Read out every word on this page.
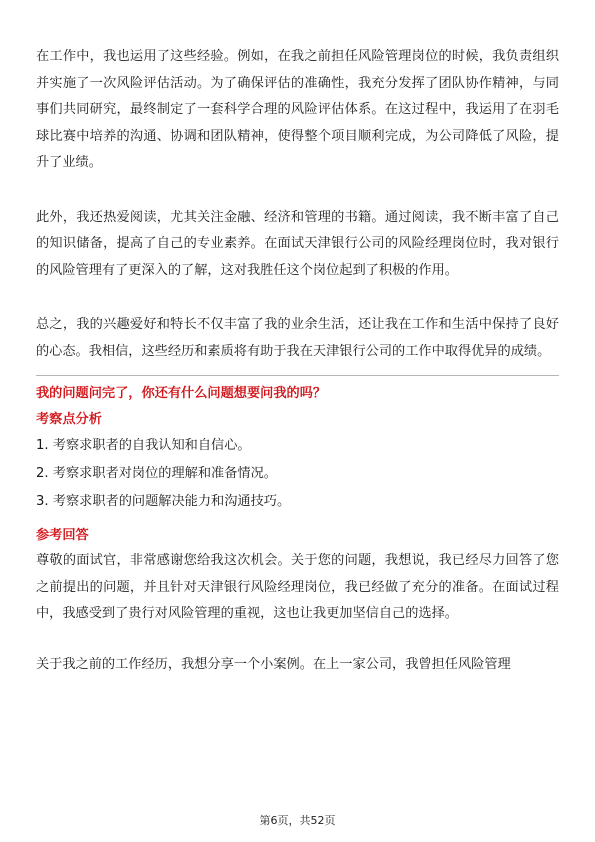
在工作中，我也运用了这些经验。例如，在我之前担任风险管理岗位的时候，我负责组织并实施了一次风险评估活动。为了确保评估的准确性，我充分发挥了团队协作精神，与同事们共同研究，最终制定了一套科学合理的风险评估体系。在这过程中，我运用了在羽毛球比赛中培养的沟通、协调和团队精神，使得整个项目顺利完成，为公司降低了风险，提升了业绩。

此外，我还热爱阅读，尤其关注金融、经济和管理的书籍。通过阅读，我不断丰富了自己的知识储备，提高了自己的专业素养。在面试天津银行公司的风险经理岗位时，我对银行的风险管理有了更深入的了解，这对我胜任这个岗位起到了积极的作用。

总之，我的兴趣爱好和特长不仅丰富了我的业余生活，还让我在工作和生活中保持了良好的心态。我相信，这些经历和素质将有助于我在天津银行公司的工作中取得优异的成绩。

我的问题问完了，你还有什么问题想要问我的吗？

考察点分析

1. 考察求职者的自我认知和自信心。

2. 考察求职者对岗位的理解和准备情况。

3. 考察求职者的问题解决能力和沟通技巧。

参考回答

尊敬的面试官，非常感谢您给我这次机会。关于您的问题，我想说，我已经尽力回答了您之前提出的问题，并且针对天津银行风险经理岗位，我已经做了充分的准备。在面试过程中，我感受到了贵行对风险管理的重视，这也让我更加坚信自己的选择。

关于我之前的工作经历，我想分享一个小案例。在上一家公司，我曾担任风险管理

第6页，共52页
